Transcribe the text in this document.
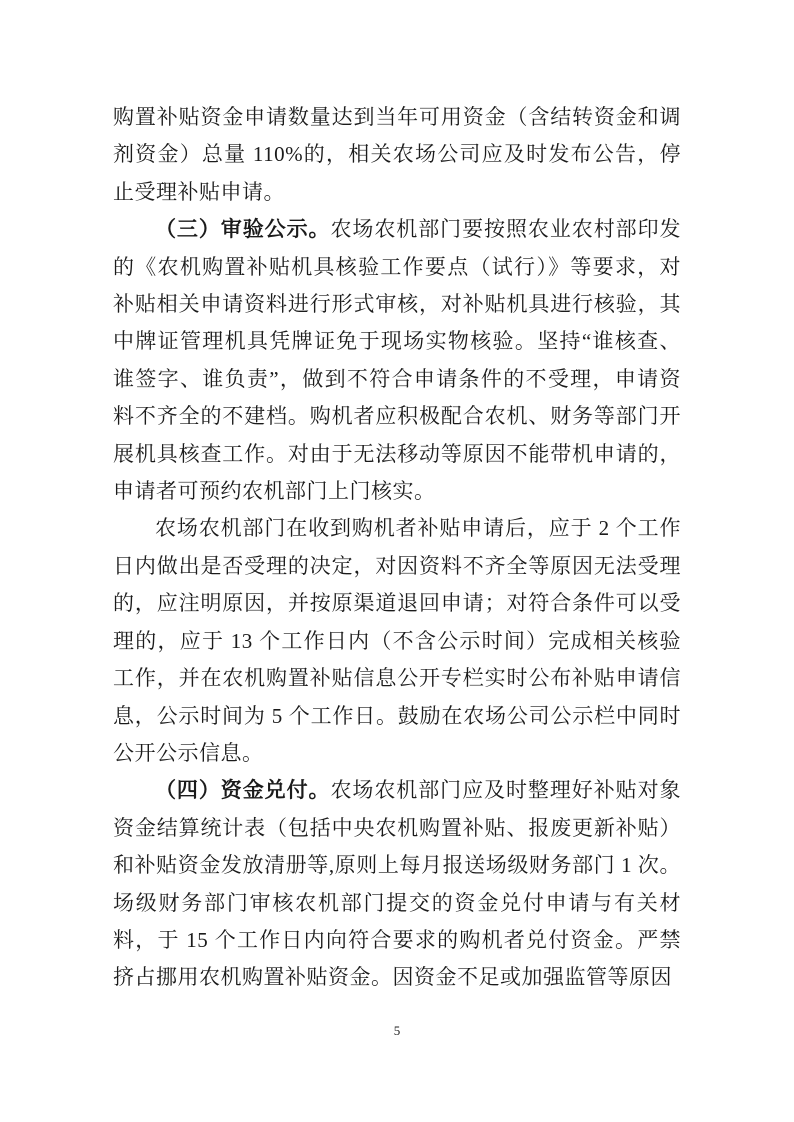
购置补贴资金申请数量达到当年可用资金（含结转资金和调剂资金）总量 110%的，相关农场公司应及时发布公告，停止受理补贴申请。

（三）审验公示。农场农机部门要按照农业农村部印发的《农机购置补贴机具核验工作要点（试行）》等要求，对补贴相关申请资料进行形式审核，对补贴机具进行核验，其中牌证管理机具凭牌证免于现场实物核验。坚持“谁核查、谁签字、谁负责”，做到不符合申请条件的不受理，申请资料不齐全的不建档。购机者应积极配合农机、财务等部门开展机具核查工作。对由于无法移动等原因不能带机申请的，申请者可预约农机部门上门核实。

农场农机部门在收到购机者补贴申请后，应于 2 个工作日内做出是否受理的决定，对因资料不齐全等原因无法受理的，应注明原因，并按原渠道退回申请；对符合条件可以受理的，应于 13 个工作日内（不含公示时间）完成相关核验工作，并在农机购置补贴信息公开专栏实时公布补贴申请信息，公示时间为 5 个工作日。鼓励在农场公司公示栏中同时公开公示信息。

（四）资金兑付。农场农机部门应及时整理好补贴对象资金结算统计表（包括中央农机购置补贴、报废更新补贴）和补贴资金发放清册等,原则上每月报送场级财务部门 1 次。场级财务部门审核农机部门提交的资金兑付申请与有关材料，于 15 个工作日内向符合要求的购机者兑付资金。严禁挤占挪用农机购置补贴资金。因资金不足或加强监管等原因

5
